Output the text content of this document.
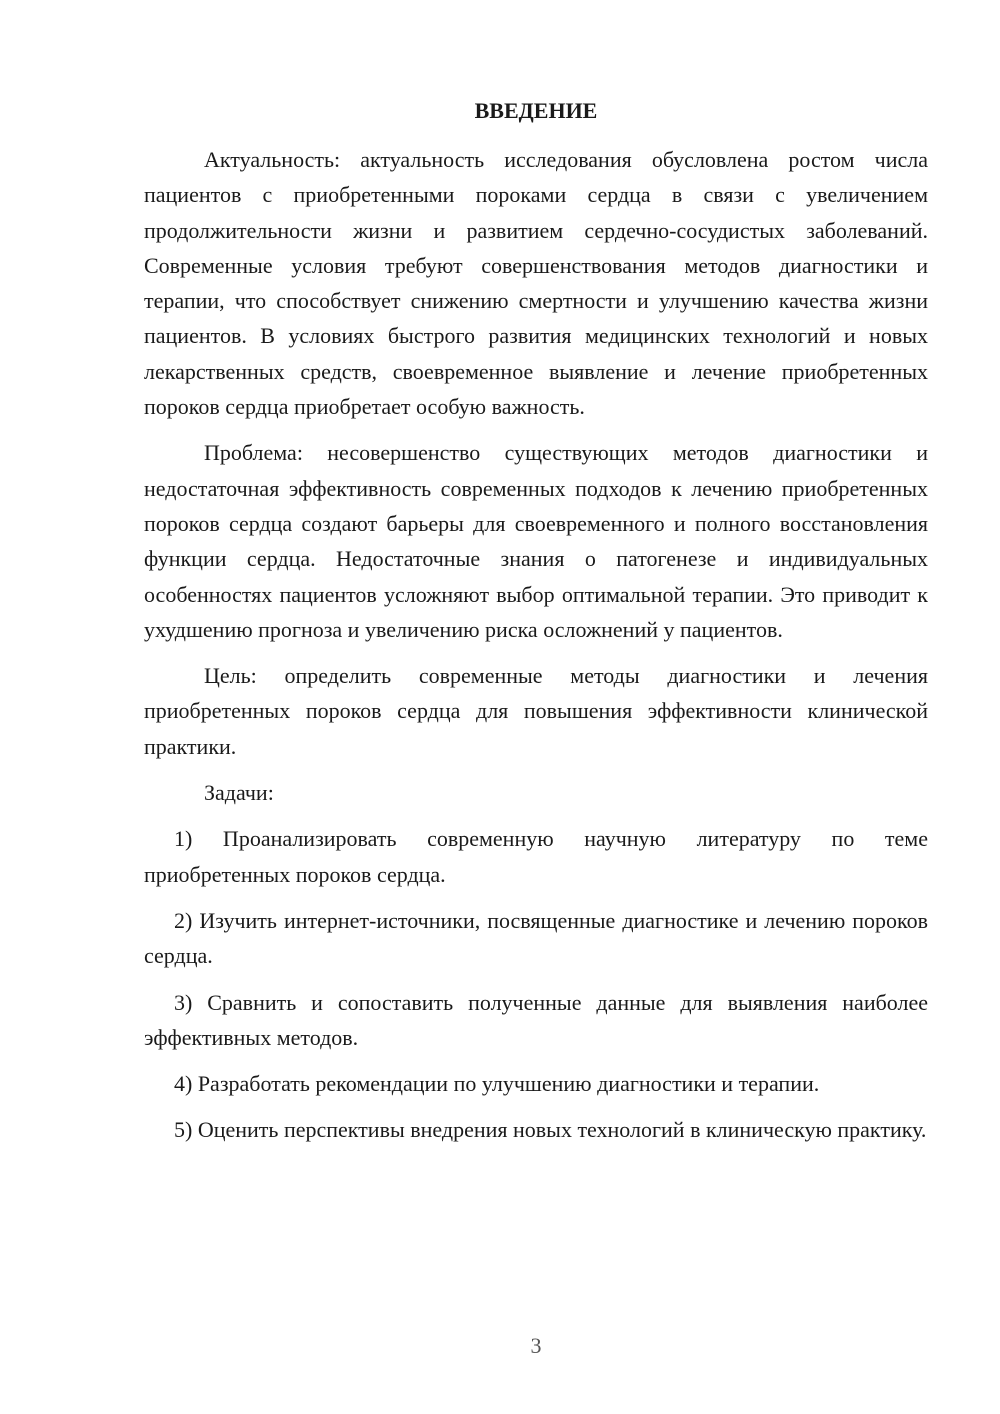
ВВЕДЕНИЕ

Актуальность: актуальность исследования обусловлена ростом числа пациентов с приобретенными пороками сердца в связи с увеличением продолжительности жизни и развитием сердечно-сосудистых заболеваний. Современные условия требуют совершенствования методов диагностики и терапии, что способствует снижению смертности и улучшению качества жизни пациентов. В условиях быстрого развития медицинских технологий и новых лекарственных средств, своевременное выявление и лечение приобретенных пороков сердца приобретает особую важность.

Проблема: несовершенство существующих методов диагностики и недостаточная эффективность современных подходов к лечению приобретенных пороков сердца создают барьеры для своевременного и полного восстановления функции сердца. Недостаточные знания о патогенезе и индивидуальных особенностях пациентов усложняют выбор оптимальной терапии. Это приводит к ухудшению прогноза и увеличению риска осложнений у пациентов.

Цель: определить современные методы диагностики и лечения приобретенных пороков сердца для повышения эффективности клинической практики.

Задачи:

1) Проанализировать современную научную литературу по теме приобретенных пороков сердца.

2) Изучить интернет-источники, посвященные диагностике и лечению пороков сердца.

3) Сравнить и сопоставить полученные данные для выявления наиболее эффективных методов.

4) Разработать рекомендации по улучшению диагностики и терапии.

5) Оценить перспективы внедрения новых технологий в клиническую практику.

3
